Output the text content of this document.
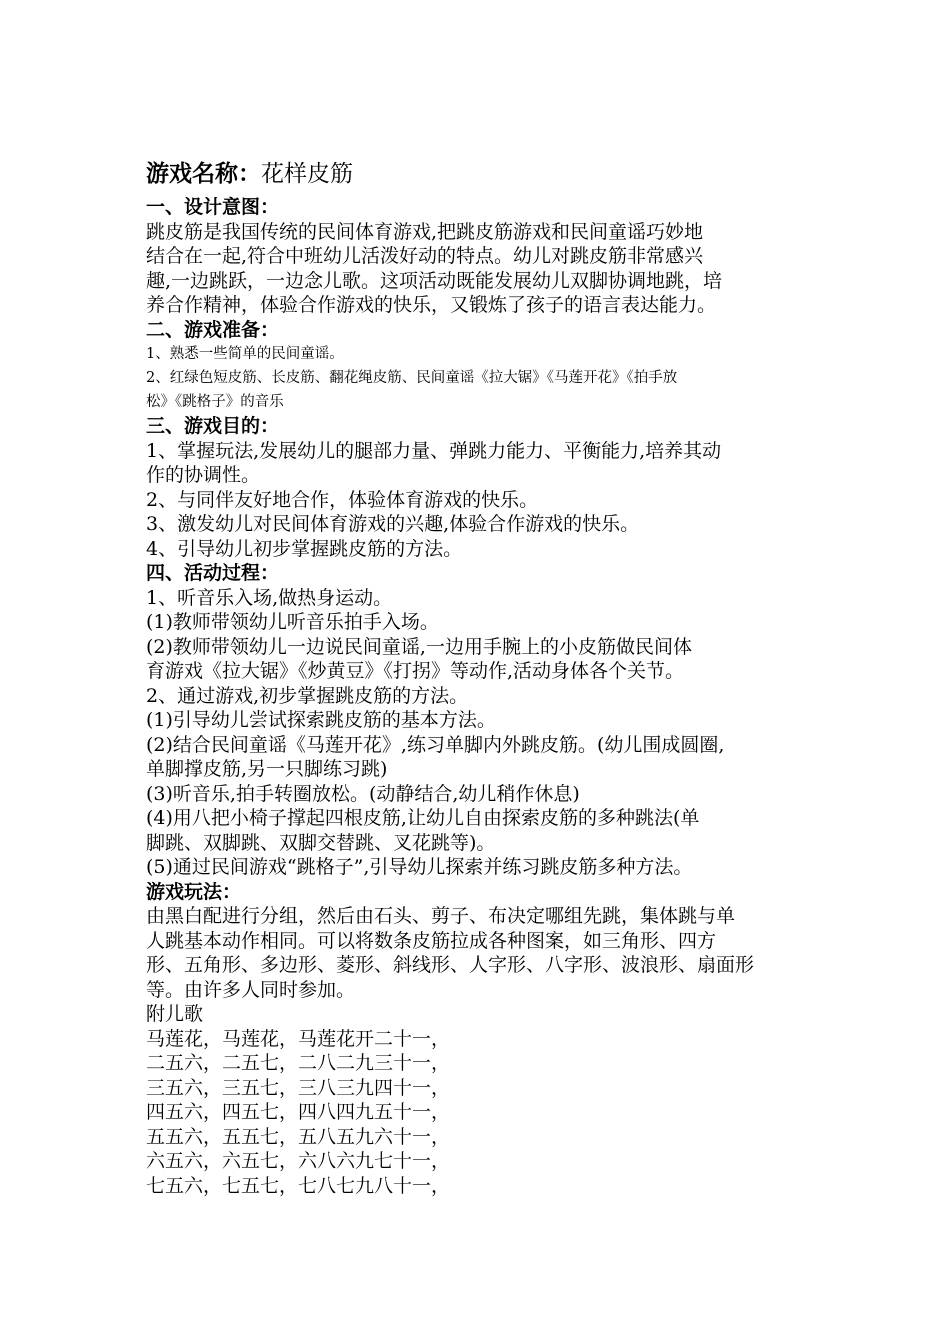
游戏名称：花样皮筋
一、设计意图：
跳皮筋是我国传统的民间体育游戏,把跳皮筋游戏和民间童谣巧妙地
结合在一起,符合中班幼儿活泼好动的特点。幼儿对跳皮筋非常感兴
趣,一边跳跃，一边念儿歌。这项活动既能发展幼儿双脚协调地跳，培
养合作精神，体验合作游戏的快乐，又锻炼了孩子的语言表达能力。
二、游戏准备：
1、熟悉一些简单的民间童谣。
2、红绿色短皮筋、长皮筋、翻花绳皮筋、民间童谣《拉大锯》《马莲开花》《拍手放
松》《跳格子》的音乐
三、游戏目的：
1、掌握玩法,发展幼儿的腿部力量、弹跳力能力、平衡能力,培养其动
作的协调性。
2、与同伴友好地合作，体验体育游戏的快乐。
3、激发幼儿对民间体育游戏的兴趣,体验合作游戏的快乐。
4、引导幼儿初步掌握跳皮筋的方法。
四、活动过程：
1、听音乐入场,做热身运动。
(1)教师带领幼儿听音乐拍手入场。
(2)教师带领幼儿一边说民间童谣,一边用手腕上的小皮筋做民间体
育游戏《拉大锯》《炒黄豆》《打拐》等动作,活动身体各个关节。
2、通过游戏,初步掌握跳皮筋的方法。
(1)引导幼儿尝试探索跳皮筋的基本方法。
(2)结合民间童谣《马莲开花》,练习单脚内外跳皮筋。(幼儿围成圆圈,
单脚撑皮筋,另一只脚练习跳)
(3)听音乐,拍手转圈放松。(动静结合,幼儿稍作休息)
(4)用八把小椅子撑起四根皮筋,让幼儿自由探索皮筋的多种跳法(单
脚跳、双脚跳、双脚交替跳、叉花跳等)。
(5)通过民间游戏“跳格子”,引导幼儿探索并练习跳皮筋多种方法。
游戏玩法：
由黑白配进行分组，然后由石头、剪子、布决定哪组先跳，集体跳与单
人跳基本动作相同。可以将数条皮筋拉成各种图案，如三角形、四方
形、五角形、多边形、菱形、斜线形、人字形、八字形、波浪形、扇面形
等。由许多人同时参加。
附儿歌
马莲花，马莲花，马莲花开二十一，
二五六，二五七，二八二九三十一，
三五六，三五七，三八三九四十一，
四五六，四五七，四八四九五十一，
五五六，五五七，五八五九六十一，
六五六，六五七，六八六九七十一，
七五六，七五七，七八七九八十一，
